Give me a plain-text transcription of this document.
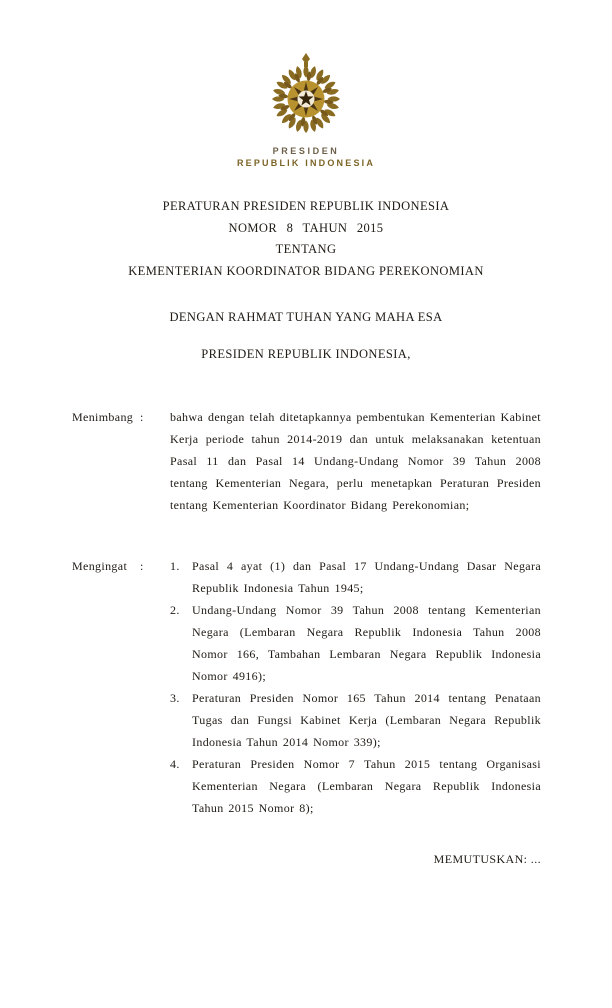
PRESIDEN
REPUBLIK INDONESIA
PERATURAN PRESIDEN REPUBLIK INDONESIA
NOMOR 8 TAHUN 2015
TENTANG
KEMENTERIAN KOORDINATOR BIDANG PEREKONOMIAN
DENGAN RAHMAT TUHAN YANG MAHA ESA
PRESIDEN REPUBLIK INDONESIA,
Menimbang :	bahwa dengan telah ditetapkannya pembentukan Kementerian Kabinet Kerja periode tahun 2014-2019 dan untuk melaksanakan ketentuan Pasal 11 dan Pasal 14 Undang-Undang Nomor 39 Tahun 2008 tentang Kementerian Negara, perlu menetapkan Peraturan Presiden tentang Kementerian Koordinator Bidang Perekonomian;
Mengingat	:	1.	Pasal 4 ayat (1) dan Pasal 17 Undang-Undang Dasar Negara Republik Indonesia Tahun 1945;
2.	Undang-Undang Nomor 39 Tahun 2008 tentang Kementerian Negara (Lembaran Negara Republik Indonesia Tahun 2008 Nomor 166, Tambahan Lembaran Negara Republik Indonesia Nomor 4916);
3.	Peraturan Presiden Nomor 165 Tahun 2014 tentang Penataan Tugas dan Fungsi Kabinet Kerja (Lembaran Negara Republik Indonesia Tahun 2014 Nomor 339);
4.	Peraturan Presiden Nomor 7 Tahun 2015 tentang Organisasi Kementerian Negara (Lembaran Negara Republik Indonesia Tahun 2015 Nomor 8);
MEMUTUSKAN: ...
